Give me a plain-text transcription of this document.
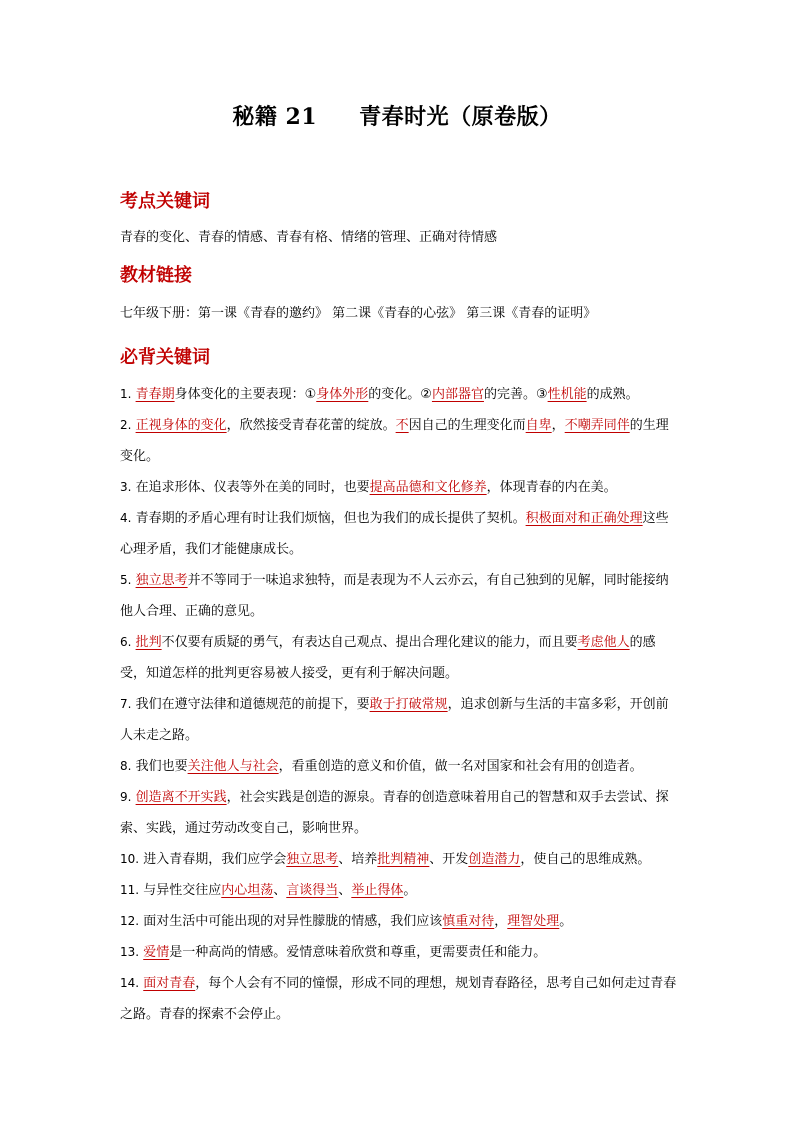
秘籍 21 青春时光（原卷版）
考点关键词
青春的变化、青春的情感、青春有格、情绪的管理、正确对待情感
教材链接
七年级下册：第一课《青春的邀约》 第二课《青春的心弦》 第三课《青春的证明》
必背关键词

1. 青春期身体变化的主要表现：①身体外形的变化。②内部器官的完善。③性机能的成熟。

2. 正视身体的变化，欣然接受青春花蕾的绽放。不因自己的生理变化而自卑，不嘲弄同伴的生理变化。

3. 在追求形体、仪表等外在美的同时，也要提高品德和文化修养，体现青春的内在美。

4. 青春期的矛盾心理有时让我们烦恼，但也为我们的成长提供了契机。积极面对和正确处理这些心理矛盾，我们才能健康成长。

5. 独立思考并不等同于一味追求独特，而是表现为不人云亦云，有自己独到的见解，同时能接纳他人合理、正确的意见。

6. 批判不仅要有质疑的勇气，有表达自己观点、提出合理化建议的能力，而且要考虑他人的感受，知道怎样的批判更容易被人接受，更有利于解决问题。

7. 我们在遵守法律和道德规范的前提下，要敢于打破常规，追求创新与生活的丰富多彩，开创前人未走之路。

8. 我们也要关注他人与社会，看重创造的意义和价值，做一名对国家和社会有用的创造者。

9. 创造离不开实践，社会实践是创造的源泉。青春的创造意味着用自己的智慧和双手去尝试、探索、实践，通过劳动改变自己，影响世界。

10. 进入青春期，我们应学会独立思考、培养批判精神、开发创造潜力，使自己的思维成熟。

11. 与异性交往应内心坦荡、言谈得当、举止得体。

12. 面对生活中可能出现的对异性朦胧的情感，我们应该慎重对待，理智处理。

13. 爱情是一种高尚的情感。爱情意味着欣赏和尊重，更需要责任和能力。

14. 面对青春，每个人会有不同的憧憬，形成不同的理想，规划青春路径，思考自己如何走过青春之路。青春的探索不会停止。
